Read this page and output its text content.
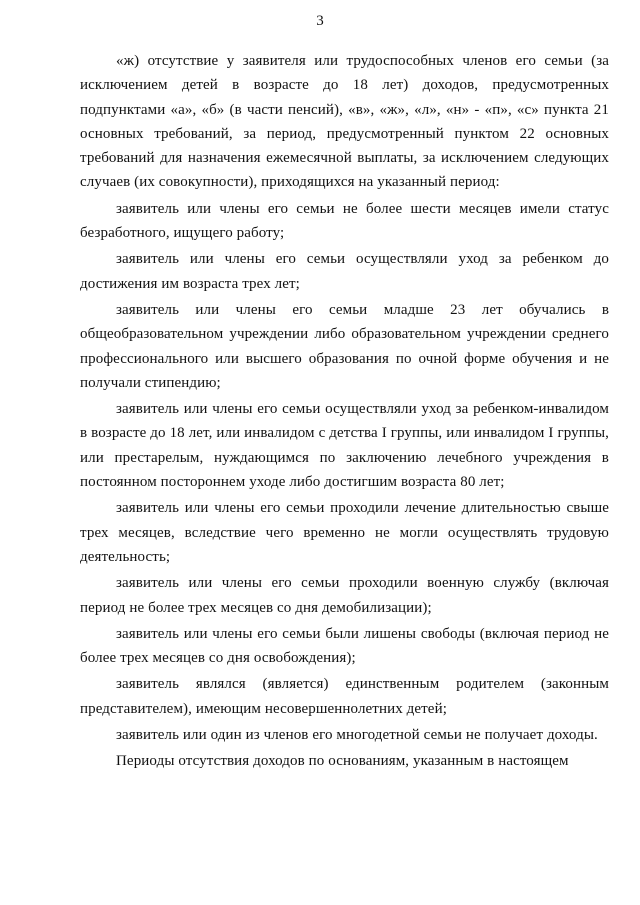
3

«ж) отсутствие у заявителя или трудоспособных членов его семьи (за исключением детей в возрасте до 18 лет) доходов, предусмотренных подпунктами «а», «б» (в части пенсий), «в», «ж», «л», «н» - «п», «с» пункта 21 основных требований, за период, предусмотренный пунктом 22 основных требований для назначения ежемесячной выплаты, за исключением следующих случаев (их совокупности), приходящихся на указанный период:

заявитель или члены его семьи не более шести месяцев имели статус безработного, ищущего работу;

заявитель или члены его семьи осуществляли уход за ребенком до достижения им возраста трех лет;

заявитель или члены его семьи младше 23 лет обучались в общеобразовательном учреждении либо образовательном учреждении среднего профессионального или высшего образования по очной форме обучения и не получали стипендию;

заявитель или члены его семьи осуществляли уход за ребенком-инвалидом в возрасте до 18 лет, или инвалидом с детства I группы, или инвалидом I группы, или престарелым, нуждающимся по заключению лечебного учреждения в постоянном постороннем уходе либо достигшим возраста 80 лет;

заявитель или члены его семьи проходили лечение длительностью свыше трех месяцев, вследствие чего временно не могли осуществлять трудовую деятельность;

заявитель или члены его семьи проходили военную службу (включая период не более трех месяцев со дня демобилизации);

заявитель или члены его семьи были лишены свободы (включая период не более трех месяцев со дня освобождения);

заявитель являлся (является) единственным родителем (законным представителем), имеющим несовершеннолетних детей;

заявитель или один из членов его многодетной семьи не получает доходы.

Периоды отсутствия доходов по основаниям, указанным в настоящем
